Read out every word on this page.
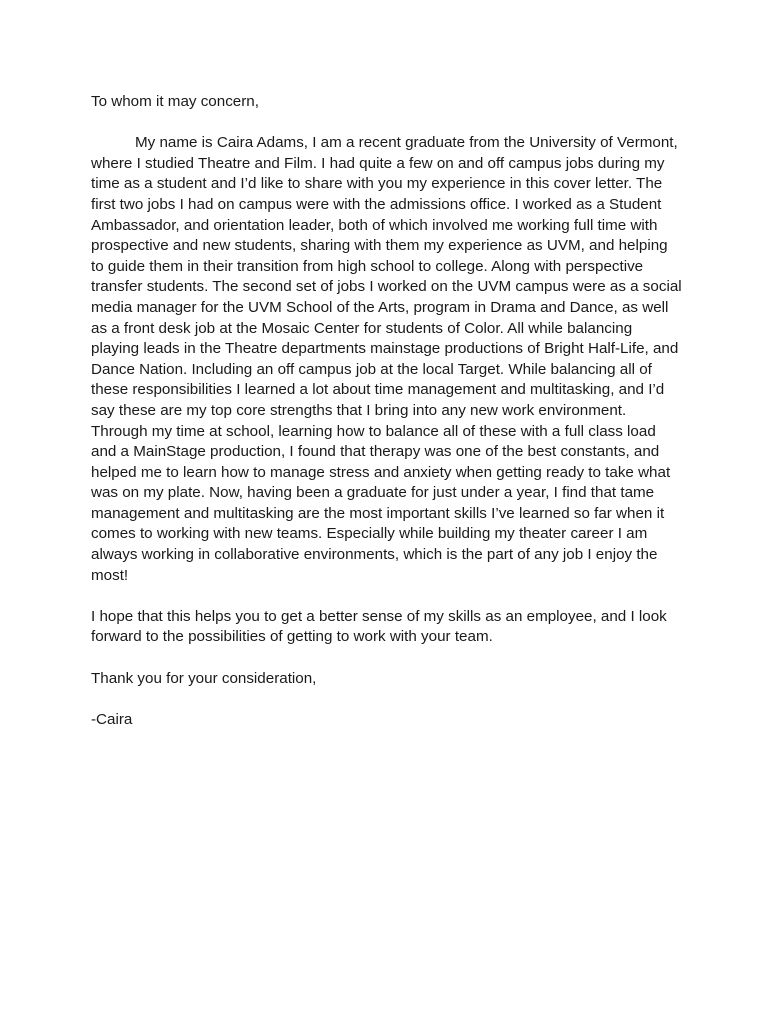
To whom it may concern,

My name is Caira Adams, I am a recent graduate from the University of Vermont,
where I studied Theatre and Film. I had quite a few on and off campus jobs during my
time as a student and I’d like to share with you my experience in this cover letter. The
first two jobs I had on campus were with the admissions office. I worked as a Student
Ambassador, and orientation leader, both of which involved me working full time with
prospective and new students, sharing with them my experience as UVM, and helping
to guide them in their transition from high school to college. Along with perspective
transfer students. The second set of jobs I worked on the UVM campus were as a social
media manager for the UVM School of the Arts, program in Drama and Dance, as well
as a front desk job at the Mosaic Center for students of Color. All while balancing
playing leads in the Theatre departments mainstage productions of Bright Half-Life, and
Dance Nation. Including an off campus job at the local Target. While balancing all of
these responsibilities I learned a lot about time management and multitasking, and I’d
say these are my top core strengths that I bring into any new work environment.
Through my time at school, learning how to balance all of these with a full class load
and a MainStage production, I found that therapy was one of the best constants, and
helped me to learn how to manage stress and anxiety when getting ready to take what
was on my plate. Now, having been a graduate for just under a year, I find that tame
management and multitasking are the most important skills I’ve learned so far when it
comes to working with new teams. Especially while building my theater career I am
always working in collaborative environments, which is the part of any job I enjoy the
most!

I hope that this helps you to get a better sense of my skills as an employee, and I look
forward to the possibilities of getting to work with your team.

Thank you for your consideration,

-Caira
